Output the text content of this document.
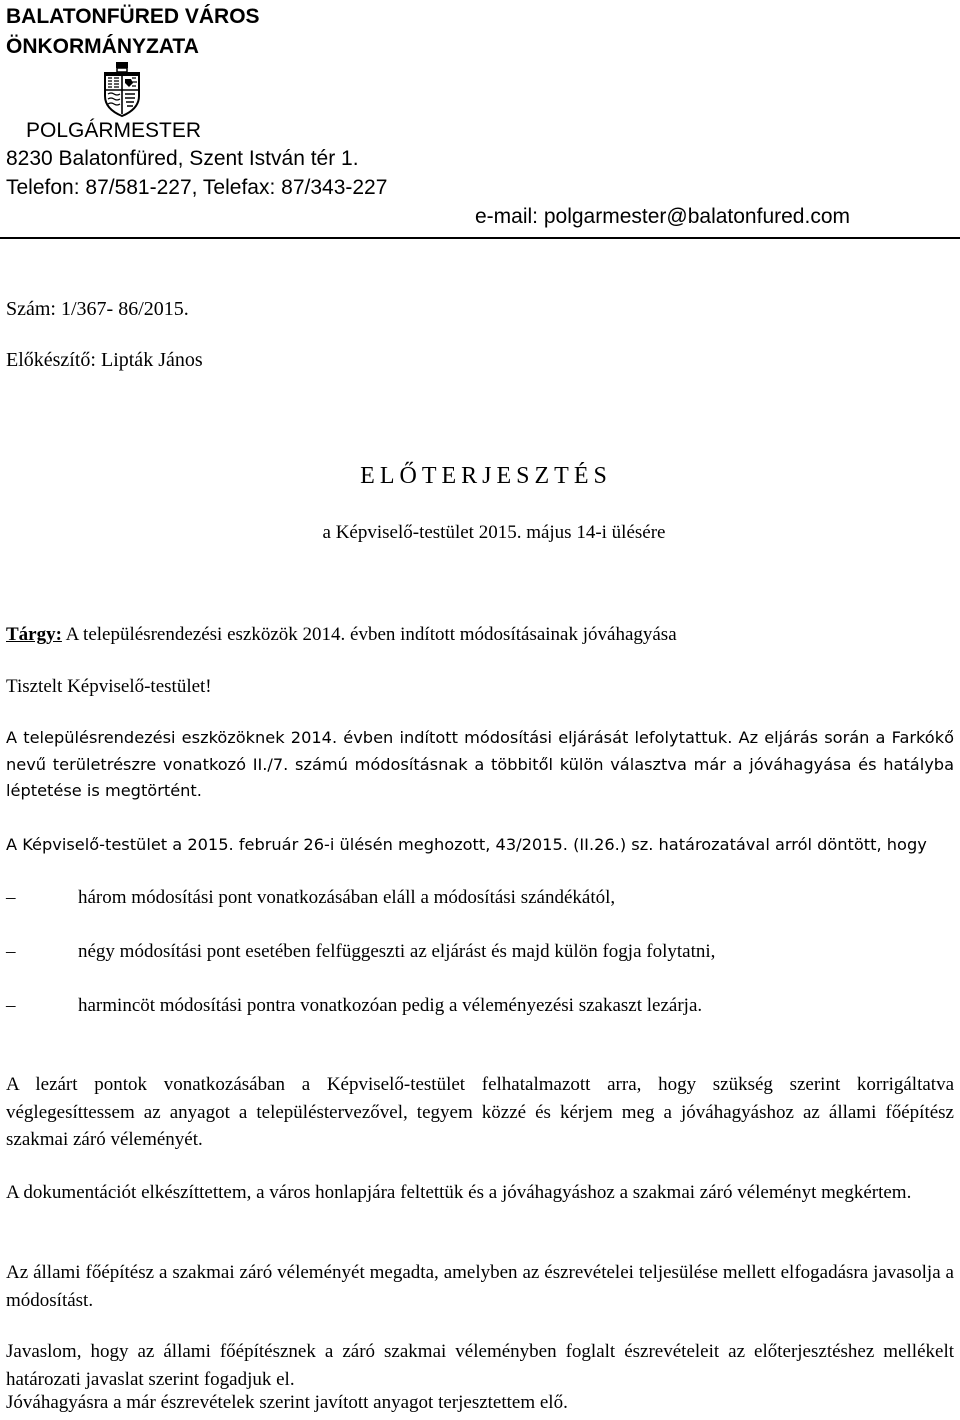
BALATONFÜRED VÁROS
ÖNKORMÁNYZATA
POLGÁRMESTER
8230 Balatonfüred, Szent István tér 1.
Telefon: 87/581-227, Telefax: 87/343-227
e-mail: polgarmester@balatonfured.com
Szám: 1/367- 86/2015.
Előkészítő: Lipták János
ELŐTERJESZTÉS
a Képviselő-testület 2015. május 14-i ülésére
Tárgy: A településrendezési eszközök 2014. évben indított módosításainak jóváhagyása
Tisztelt Képviselő-testület!
A településrendezési eszközöknek 2014. évben indított módosítási eljárását lefolytattuk. Az eljárás során a Farkókő nevű területrészre vonatkozó II./7. számú módosításnak a többitől külön választva már a jóváhagyása és hatályba léptetése is megtörtént.
A Képviselő-testület a 2015. február 26-i ülésén meghozott, 43/2015. (II.26.) sz. határozatával arról döntött, hogy
–	három módosítási pont vonatkozásában eláll a módosítási szándékától,
–	négy módosítási pont esetében felfüggeszti az eljárást és majd külön fogja folytatni,
–	harmincöt módosítási pontra vonatkozóan pedig a véleményezési szakaszt lezárja.
A lezárt pontok vonatkozásában a Képviselő-testület felhatalmazott arra, hogy szükség szerint korrigáltatva véglegesíttessem az anyagot a településtervezővel, tegyem közzé és kérjem meg a jóváhagyáshoz az állami főépítész szakmai záró véleményét.
A dokumentációt elkészíttettem, a város honlapjára feltettük és a jóváhagyáshoz a szakmai záró véleményt megkértem.
Az állami főépítész a szakmai záró véleményét megadta, amelyben az észrevételei teljesülése mellett elfogadásra javasolja a módosítást.
Javaslom, hogy az állami főépítésznek a záró szakmai véleményben foglalt észrevételeit az előterjesztéshez mellékelt határozati javaslat szerint fogadjuk el.
Jóváhagyásra a már észrevételek szerint javított anyagot terjesztettem elő.
